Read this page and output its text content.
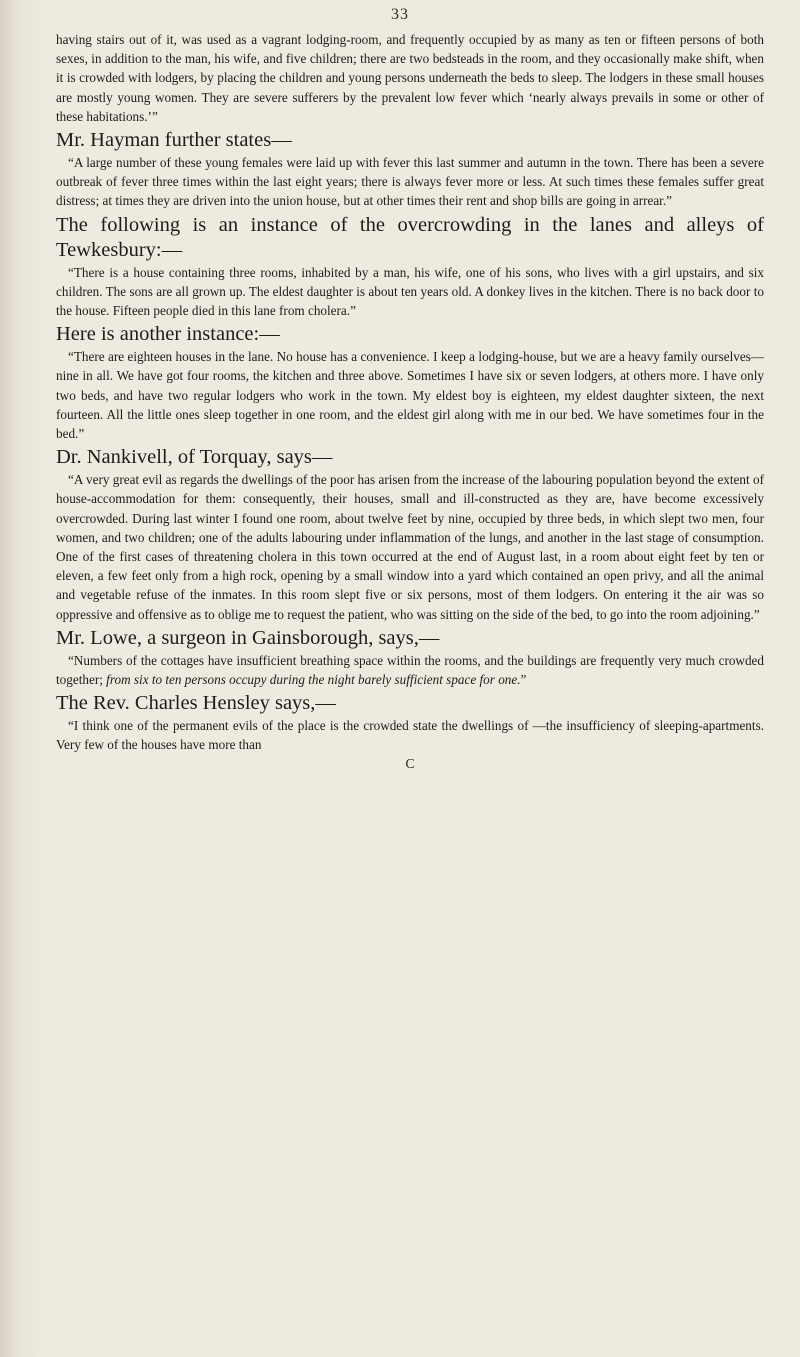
33

having stairs out of it, was used as a vagrant lodging-room, and frequently occupied by as many as ten or fifteen persons of both sexes, in addition to the man, his wife, and five children; there are two bedsteads in the room, and they occasionally make shift, when it is crowded with lodgers, by placing the children and young persons underneath the beds to sleep. The lodgers in these small houses are mostly young women. They are severe sufferers by the prevalent low fever which ‘nearly always prevails in some or other of these habitations.’”

Mr. Hayman further states—

“A large number of these young females were laid up with fever this last summer and autumn in the town. There has been a severe outbreak of fever three times within the last eight years; there is always fever more or less. At such times these females suffer great distress; at times they are driven into the union house, but at other times their rent and shop bills are going in arrear.”

The following is an instance of the overcrowding in the lanes and alleys of Tewkesbury:—

“There is a house containing three rooms, inhabited by a man, his wife, one of his sons, who lives with a girl upstairs, and six children. The sons are all grown up. The eldest daughter is about ten years old. A donkey lives in the kitchen. There is no back door to the house. Fifteen people died in this lane from cholera.”

Here is another instance:—

“There are eighteen houses in the lane. No house has a convenience. I keep a lodging-house, but we are a heavy family ourselves—nine in all. We have got four rooms, the kitchen and three above. Sometimes I have six or seven lodgers, at others more. I have only two beds, and have two regular lodgers who work in the town. My eldest boy is eighteen, my eldest daughter sixteen, the next fourteen. All the little ones sleep together in one room, and the eldest girl along with me in our bed. We have sometimes four in the bed.”

Dr. Nankivell, of Torquay, says—

“A very great evil as regards the dwellings of the poor has arisen from the increase of the labouring population beyond the extent of house-accommodation for them: consequently, their houses, small and ill-constructed as they are, have become excessively overcrowded. During last winter I found one room, about twelve feet by nine, occupied by three beds, in which slept two men, four women, and two children; one of the adults labouring under inflammation of the lungs, and another in the last stage of consumption. One of the first cases of threatening cholera in this town occurred at the end of August last, in a room about eight feet by ten or eleven, a few feet only from a high rock, opening by a small window into a yard which contained an open privy, and all the animal and vegetable refuse of the inmates. In this room slept five or six persons, most of them lodgers. On entering it the air was so oppressive and offensive as to oblige me to request the patient, who was sitting on the side of the bed, to go into the room adjoining.”

Mr. Lowe, a surgeon in Gainsborough, says,—

“Numbers of the cottages have insufficient breathing space within the rooms, and the buildings are frequently very much crowded together; from six to ten persons occupy during the night barely sufficient space for one.”

The Rev. Charles Hensley says,—

“I think one of the permanent evils of the place is the crowded state the dwellings of —the insufficiency of sleeping-apartments. Very few of the houses have more than

C
